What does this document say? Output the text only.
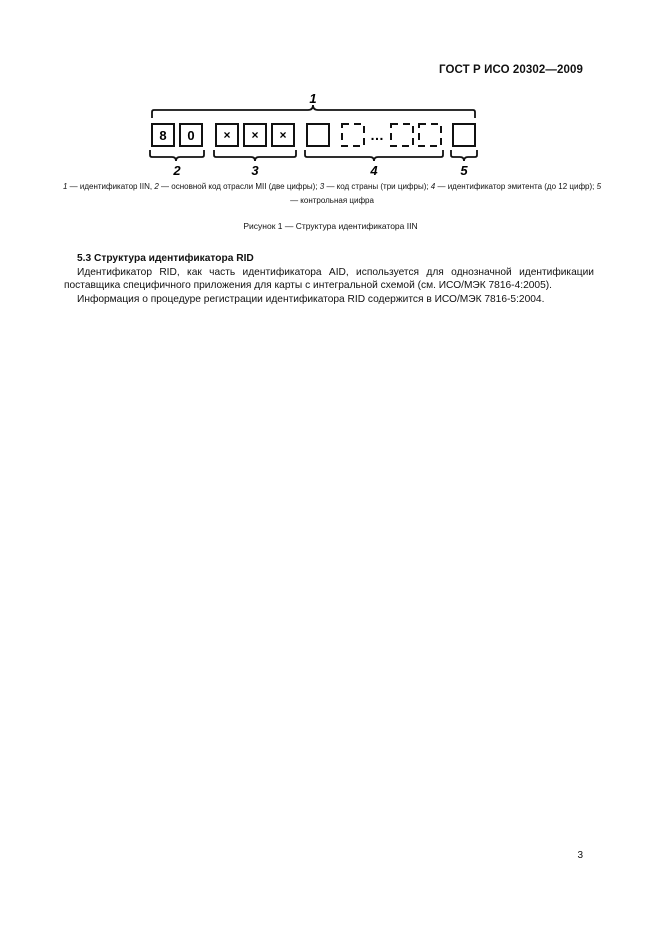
ГОСТ Р ИСО 20302—2009
1
8 0 × × ×	…
2	3	4	5
1 — идентификатор IIN, 2 — основной код отрасли MII (две цифры); 3 — код страны (три цифры); 4 — идентификатор эмитента (до 12 цифр); 5 — контрольная цифра
Рисунок 1 — Структура идентификатора IIN
5.3 Структура идентификатора RID
Идентификатор RID, как часть идентификатора AID, используется для однозначной идентификации поставщика специфичного приложения для карты с интегральной схемой (см. ИСО/МЭК 7816-4:2005).
Информация о процедуре регистрации идентификатора RID содержится в ИСО/МЭК 7816-5:2004.
3
